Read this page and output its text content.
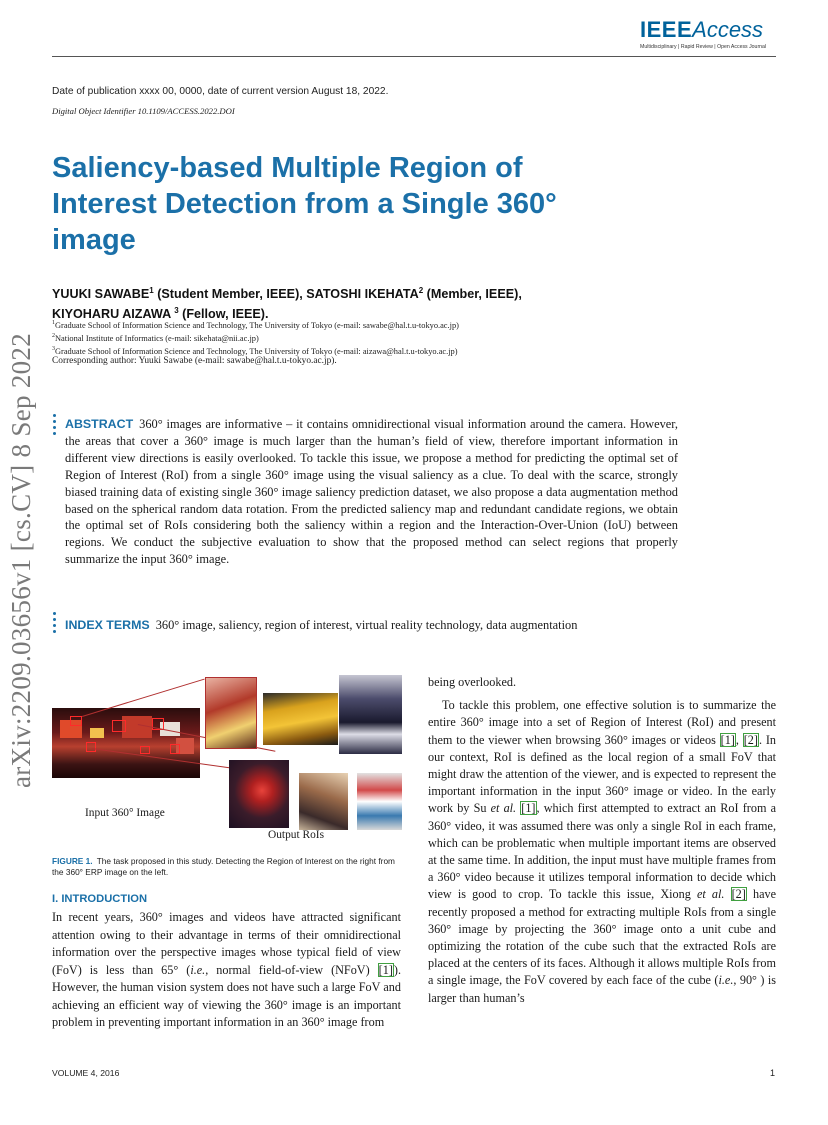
arXiv:2209.03656v1 [cs.CV] 8 Sep 2022
IEEEAccess
Multidisciplinary | Rapid Review | Open Access Journal
Date of publication xxxx 00, 0000, date of current version August 18, 2022.
Digital Object Identifier 10.1109/ACCESS.2022.DOI
Saliency-based Multiple Region of Interest Detection from a Single 360° image
YUUKI SAWABE$^1$ (Student Member, IEEE), SATOSHI IKEHATA$^2$ (Member, IEEE),
KIYOHARU AIZAWA $^3$ (Fellow, IEEE).
$^1$Graduate School of Information Science and Technology, The University of Tokyo (e-mail: sawabe@hal.t.u-tokyo.ac.jp)
$^2$National Institute of Informatics (e-mail: sikehata@nii.ac.jp)
$^3$Graduate School of Information Science and Technology, The University of Tokyo (e-mail: aizawa@hal.t.u-tokyo.ac.jp)
Corresponding author: Yuuki Sawabe (e-mail: sawabe@hal.t.u-tokyo.ac.jp).
ABSTRACT 360° images are informative – it contains omnidirectional visual information around the camera. However, the areas that cover a 360° image is much larger than the human’s field of view, therefore important information in different view directions is easily overlooked. To tackle this issue, we propose a method for predicting the optimal set of Region of Interest (RoI) from a single 360° image using the visual saliency as a clue. To deal with the scarce, strongly biased training data of existing single 360° image saliency prediction dataset, we also propose a data augmentation method based on the spherical random data rotation. From the predicted saliency map and redundant candidate regions, we obtain the optimal set of RoIs considering both the saliency within a region and the Interaction-Over-Union (IoU) between regions. We conduct the subjective evaluation to show that the proposed method can select regions that properly summarize the input 360° image.
INDEX TERMS 360° image, saliency, region of interest, virtual reality technology, data augmentation
Input 360° Image
Output RoIs
FIGURE 1. The task proposed in this study. Detecting the Region of Interest on the right from the 360° ERP image on the left.
I. INTRODUCTION
In recent years, 360° images and videos have attracted significant attention owing to their advantage in terms of their omnidirectional information over the perspective images whose typical field of view (FoV) is less than 65° (i.e., normal field-of-view (NFoV) [1]). However, the human vision system does not have such a large FoV and achieving an efficient way of viewing the 360° image is an important problem in preventing important information in an 360° image from

being overlooked.

To tackle this problem, one effective solution is to summarize the entire 360° image into a set of Region of Interest (RoI) and present them to the viewer when browsing 360° images or videos [1], [2]. In our context, RoI is defined as the local region of a small FoV that might draw the attention of the viewer, and is expected to represent the important information in the input 360° image or video. In the early work by Su et al. [1], which first attempted to extract an RoI from a 360° video, it was assumed there was only a single RoI in each frame, which can be problematic when multiple important items are observed at the same time. In addition, the input must have multiple frames from a 360° video because it utilizes temporal information to decide which view is good to crop. To tackle this issue, Xiong et al. [2] have recently proposed a method for extracting multiple RoIs from a single 360° image by projecting the 360° image onto a unit cube and optimizing the rotation of the cube such that the extracted RoIs are placed at the centers of its faces. Although it allows multiple RoIs from a single image, the FoV covered by each face of the cube (i.e., 90° ) is larger than human’s

VOLUME 4, 2016	1
